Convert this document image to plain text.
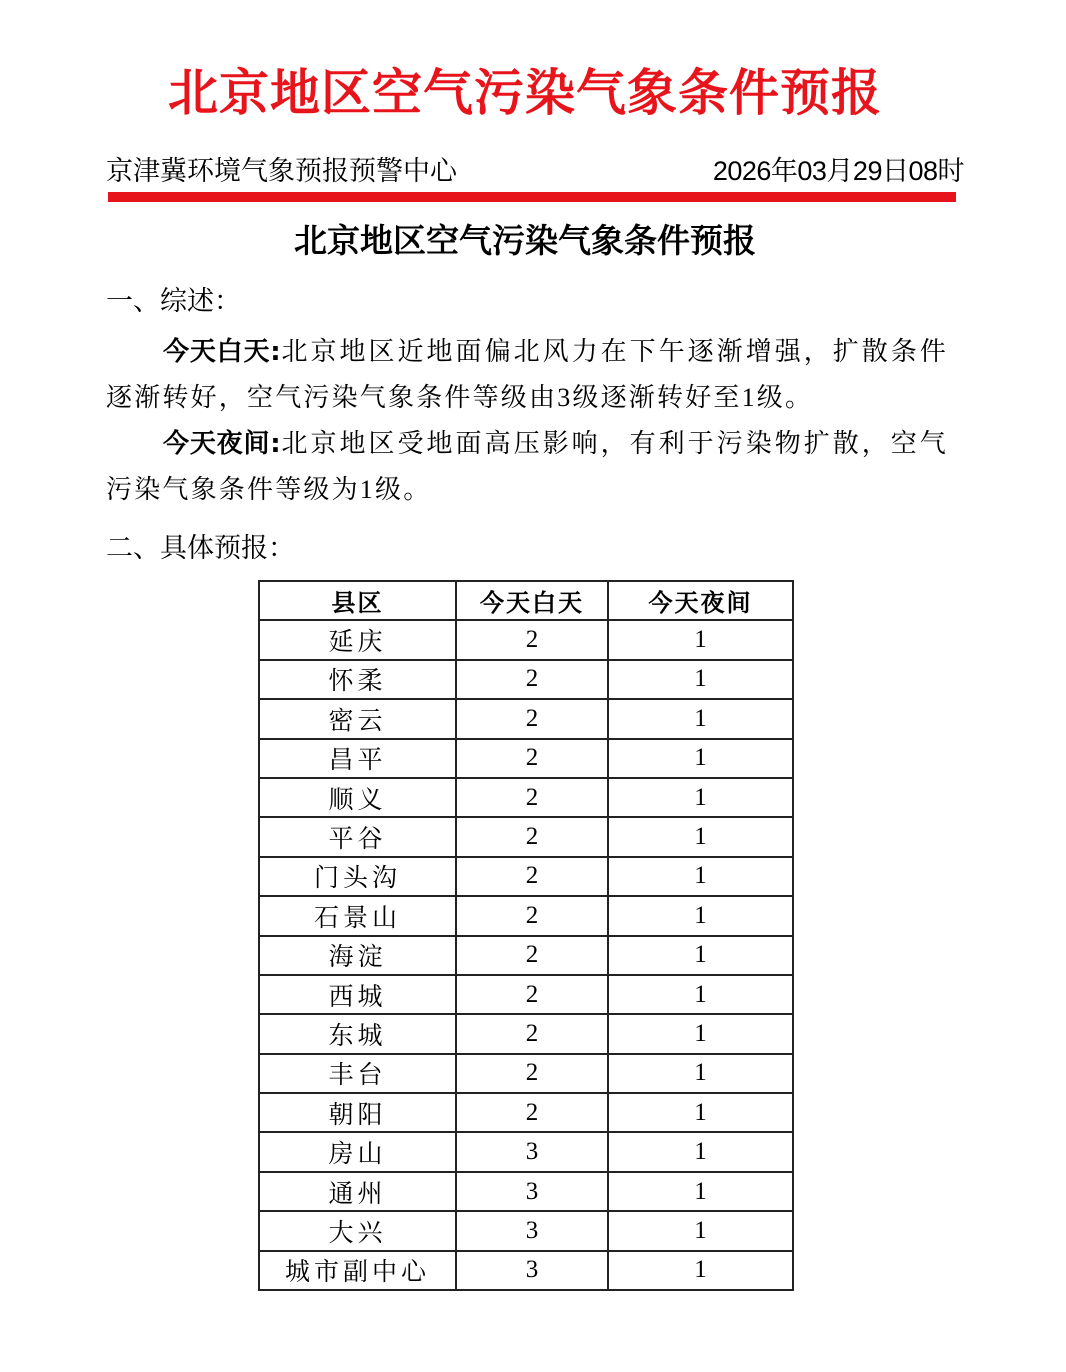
北京地区空气污染气象条件预报
京津冀环境气象预报预警中心	2026年03月29日08时
北京地区空气污染气象条件预报
一、综述：

今天白天:北京地区近地面偏北风力在下午逐渐增强，扩散条件逐渐转好，空气污染气象条件等级由3级逐渐转好至1级。

今天夜间:北京地区受地面高压影响，有利于污染物扩散，空气污染气象条件等级为1级。

二、具体预报：
县区	今天白天	今天夜间
延庆	2	1
怀柔	2	1
密云	2	1
昌平	2	1
顺义	2	1
平谷	2	1
门头沟	2	1
石景山	2	1
海淀	2	1
西城	2	1
东城	2	1
丰台	2	1
朝阳	2	1
房山	3	1
通州	3	1
大兴	3	1
城市副中心	3	1
